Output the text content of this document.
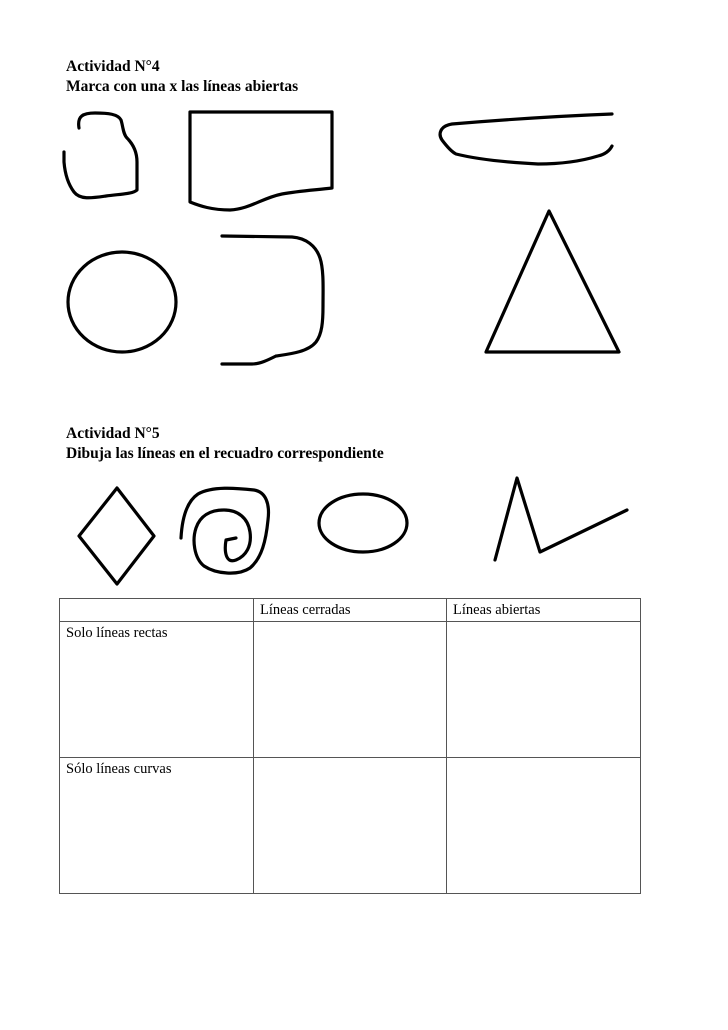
Actividad N°4
Marca con una x las líneas abiertas
Actividad N°5
Dibuja las líneas en el recuadro correspondiente
	Líneas cerradas	Líneas abiertas
Solo líneas rectas		
Sólo líneas curvas		
